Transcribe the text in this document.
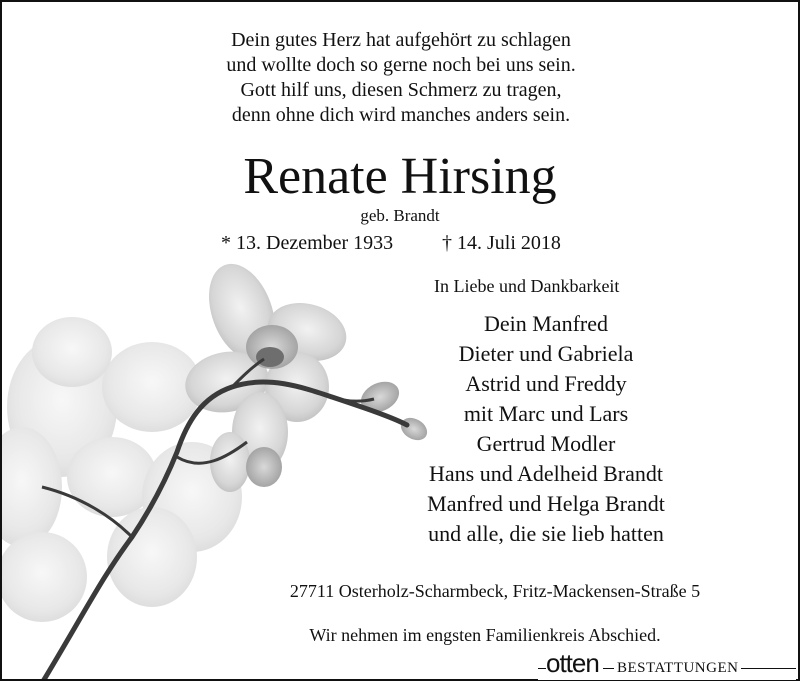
Dein gutes Herz hat aufgehört zu schlagen
und wollte doch so gerne noch bei uns sein.
Gott hilf uns, diesen Schmerz zu tragen,
denn ohne dich wird manches anders sein.
Renate Hirsing
geb. Brandt
* 13. Dezember 1933 † 14. Juli 2018
In Liebe und Dankbarkeit
Dein Manfred
Dieter und Gabriela
Astrid und Freddy
mit Marc und Lars
Gertrud Modler
Hans und Adelheid Brandt
Manfred und Helga Brandt
und alle, die sie lieb hatten
27711 Osterholz-Scharmbeck, Fritz-Mackensen-Straße 5
Wir nehmen im engsten Familienkreis Abschied.
otten BESTATTUNGEN
